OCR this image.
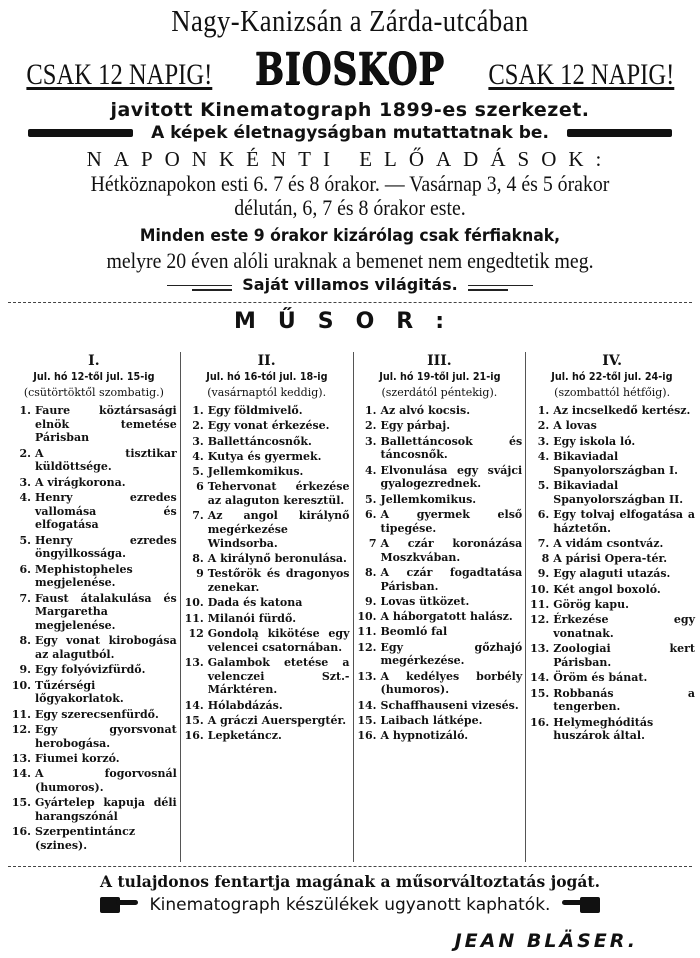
Nagy-Kanizsán a Zárda-utcában
CSAK 12 NAPIG! BIOSKOP CSAK 12 NAPIG!
javitott Kinematograph 1899-es szerkezet.
A képek életnagyságban mutattatnak be.
NAPONKÉNTI ELŐADÁSOK:
Hétköznapokon esti 6. 7 és 8 órakor. — Vasárnap 3, 4 és 5 órakor
délután, 6, 7 és 8 órakor este.
Minden este 9 órakor kizárólag csak férfiaknak,
melyre 20 éven alóli uraknak a bemenet nem engedtetik meg.
Saját villamos világitás.
MŰSOR:
I.
Jul. hó 12-től jul. 15-ig
(csütörtöktől szombatig.)
1. Faure köztársasági elnök temetése Párisban
2. A tisztikar küldöttsége.
3. A virágkorona.
4. Henry ezredes vallomása és elfogatása
5. Henry ezredes öngyilkossága.
6. Mephistopheles megjelenése.
7. Faust átalakulása és Margaretha megjelenése.
8. Egy vonat kirobogása az alagutból.
9. Egy folyóvizfürdő.
10. Tűzérségi lőgyakorlatok.
11. Egy szerecsenfürdő.
12. Egy gyorsvonat herobogása.
13. Fiumei korzó.
14. A fogorvosnál (humoros).
15. Gyártelep kapuja déli harangszónál
16. Szerpentintáncz (szines).
II.
Jul. hó 16-tól jul. 18-ig
(vasárnaptól keddig).
1. Egy földmivelő.
2. Egy vonat érkezése.
3. Ballettáncosnők.
4. Kutya és gyermek.
5. Jellemkomikus.
6 Tehervonat érkezése az alaguton keresztül.
7. Az angol királynő megérkezése Windsorba.
8. A királynő beronulása.
9 Testőrök és dragonyos zenekar.
10. Dada és katona
11. Milanói fürdő.
12 Gondolą kikötése egy velencei csatornában.
13. Galambok etetése a velenczei Szt.-Márktéren.
14. Hólabdázás.
15. A gráczi Auerspergtér.
16. Lepketáncz.
III.
Jul. hó 19-től jul. 21-ig
(szerdától péntekig).
1. Az alvó kocsis.
2. Egy párbaj.
3. Ballettáncosok és táncosnők.
4. Elvonulása egy svájci gyalogezrednek.
5. Jellemkomikus.
6. A gyermek első tipegése.
7 A czár koronázása Moszkvában.
8. A czár fogadtatása Párisban.
9. Lovas ütközet.
10. A háborgatott halász.
11. Beomló fal
12. Egy gőzhajó megérkezése.
13. A kedélyes borbély (humoros).
14. Schaffhauseni vizesés.
15. Laibach látképe.
16. A hypnotizáló.
IV.
Jul. hó 22-től jul. 24-ig
(szombattól hétfőig).
1. Az incselkedő kertész.
2. A lovas
3. Egy iskola ló.
4. Bikaviadal Spanyolországban I.
5. Bikaviadal Spanyolországban II.
6. Egy tolvaj elfogatása a háztetőn.
7. A vidám csontváz.
8 A párisi Opera-tér.
9. Egy alaguti utazás.
10. Két angol boxoló.
11. Görög kapu.
12. Érkezése egy vonatnak.
13. Zoologiai kert Párisban.
14. Öröm és bánat.
15. Robbanás a tengerben.
16. Helymeghóditás huszárok által.
A tulajdonos fentartja magának a műsorváltoztatás jogát.
Kinematograph készülékek ugyanott kaphatók.
JEAN BLÄSER.
